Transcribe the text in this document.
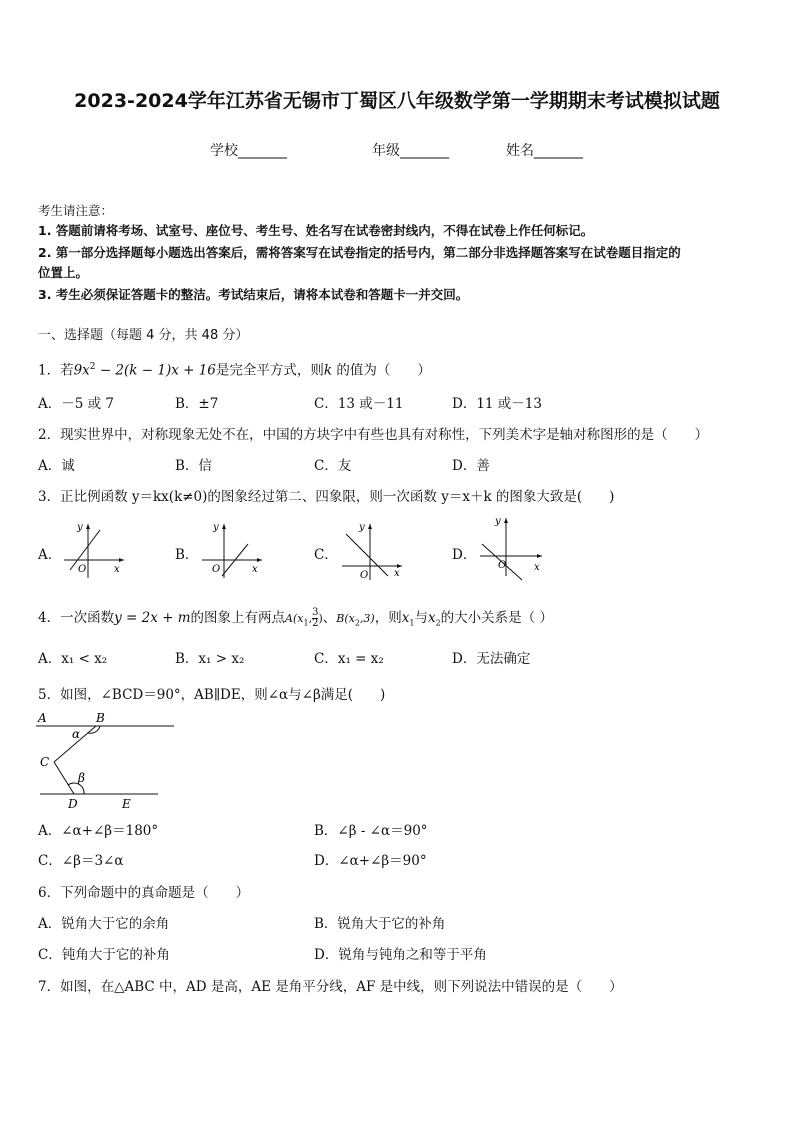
2023-2024学年江苏省无锡市丁蜀区八年级数学第一学期期末考试模拟试题
学校_______	年级_______	姓名_______
考生请注意：
1. 答题前请将考场、试室号、座位号、考生号、姓名写在试卷密封线内，不得在试卷上作任何标记。
2. 第一部分选择题每小题选出答案后，需将答案写在试卷指定的括号内，第二部分非选择题答案写在试卷题目指定的
位置上。
3. 考生必须保证答题卡的整洁。考试结束后，请将本试卷和答题卡一并交回。
一、选择题（每题 4 分，共 48 分）
1．若$9x^2 - 2(k - 1)x + 16$是完全平方式，则k 的值为（　　）
A．－5 或 7	B．±7	C．13 或－11	D．11 或－13
2．现实世界中，对称现象无处不在，中国的方块字中有些也具有对称性，下列美术字是轴对称图形的是（　　）
A．诚	B．信	C．友	D．善
3．正比例函数 y＝kx(k≠0)的图象经过第二、四象限，则一次函数 y＝x＋k 的图象大致是(　　)
A．
y
x
O
B．
y
x
O
C．
y
x
O
D．
y
x
O
4．一次函数y = 2x + m的图象上有两点$A(x_1$, $\frac{3}{2}$ )、$B(x_2,3)$，则$x_1$与$x_2$的大小关系是（ ）
A．x₁ < x₂	B．x₁ > x₂	C．x₁ = x₂	D．无法确定
5．如图，∠BCD＝90°，AB∥DE，则∠α与∠β满足(　　)
A	B
C
D	E
α
β
A．∠α+∠β＝180°	B．∠β - ∠α＝90°
C．∠β＝3∠α	D．∠α+∠β＝90°
6．下列命题中的真命题是（　　）
A．锐角大于它的余角	B．锐角大于它的补角
C．钝角大于它的补角	D．锐角与钝角之和等于平角
7．如图，在△ABC 中，AD 是高，AE 是角平分线，AF 是中线，则下列说法中错误的是（　　）
